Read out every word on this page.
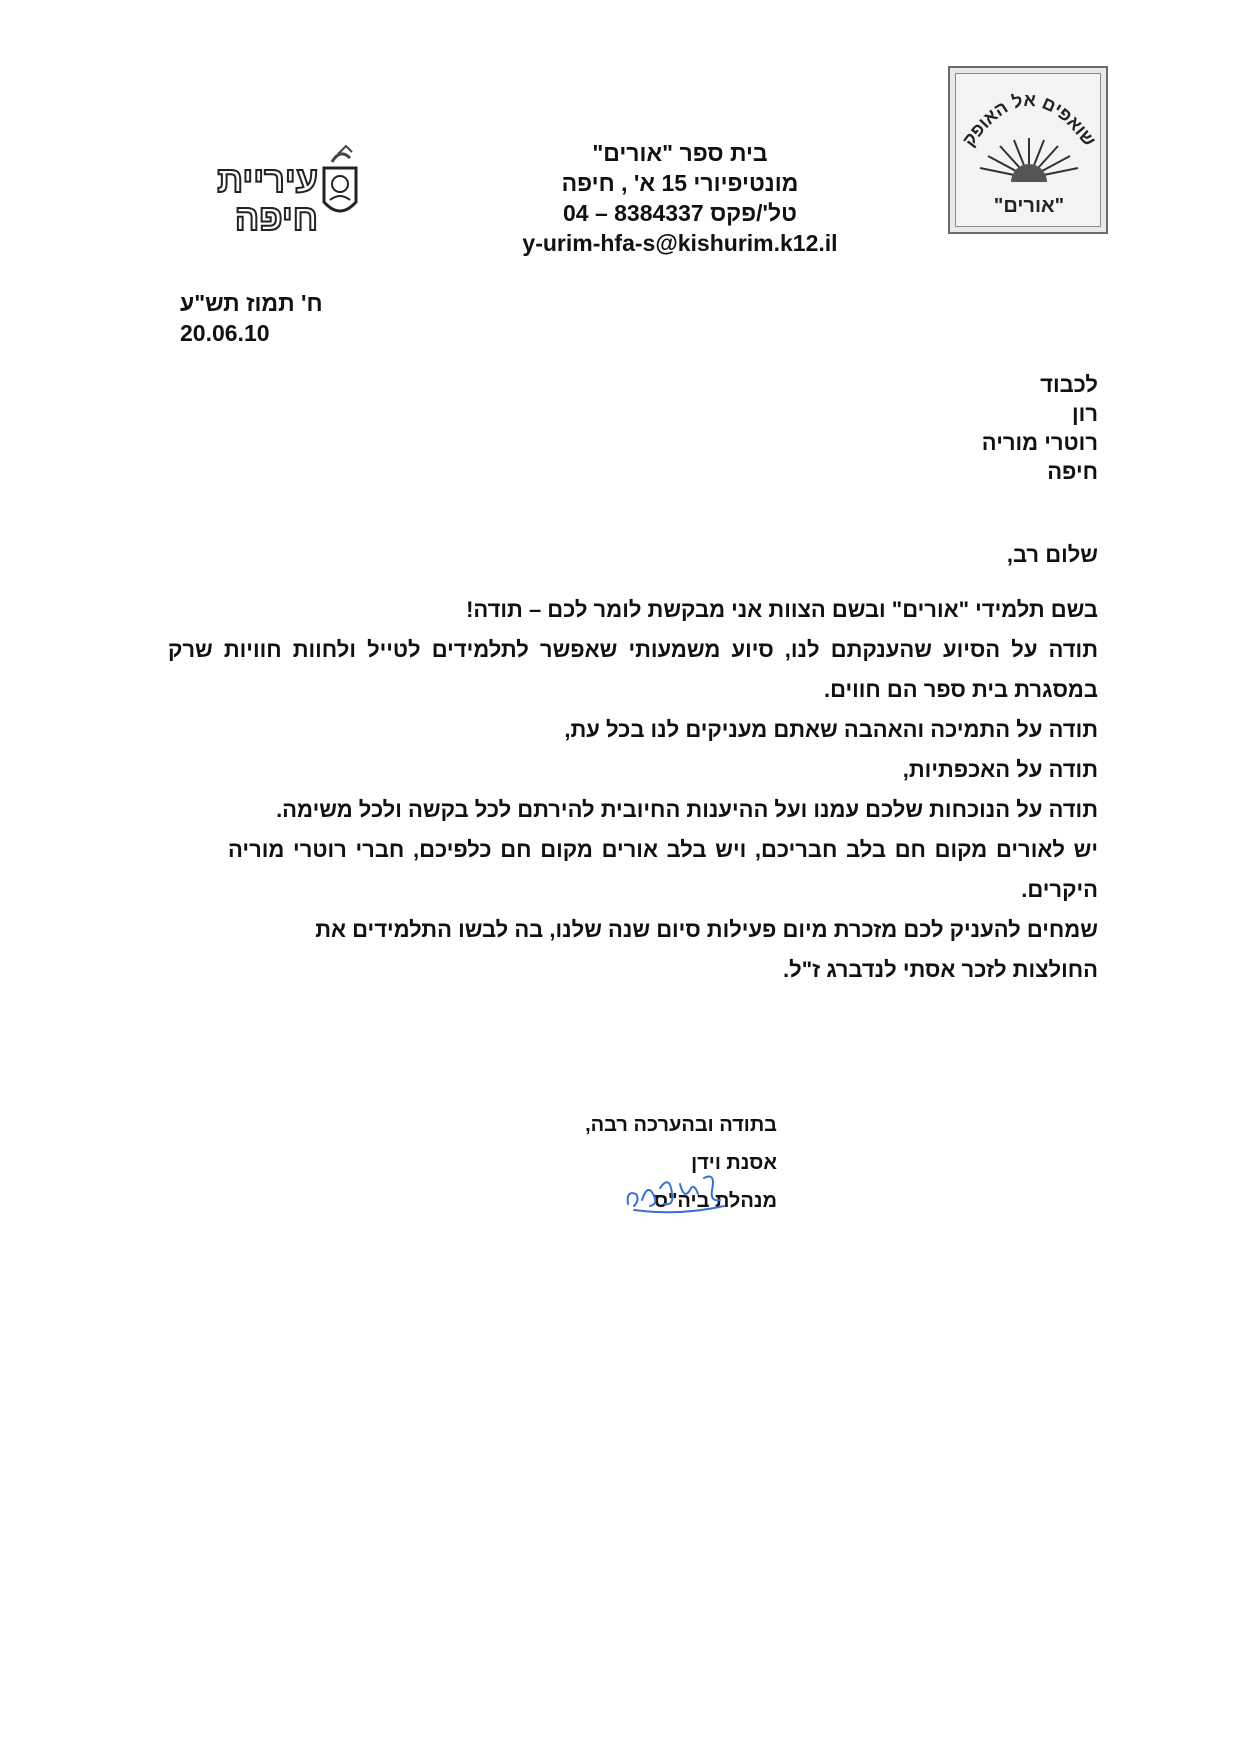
עיריית
חיפה
בית ספר "אורים"
מונטיפיורי 15 א' , חיפה
טל'/פקס 8384337 – 04
y-urim-hfa-s@kishurim.k12.il
שואפים אל האופק
"אורים"
ח' תמוז תש"ע
20.06.10
לכבוד
רון
רוטרי מוריה
חיפה
שלום רב,

בשם תלמידי "אורים" ובשם הצוות אני מבקשת לומר לכם – תודה!

תודה על הסיוע שהענקתם לנו, סיוע משמעותי שאפשר לתלמידים לטייל ולחוות חוויות שרק במסגרת בית ספר הם חווים.

תודה על התמיכה והאהבה שאתם מעניקים לנו בכל עת,

תודה על האכפתיות,

תודה על הנוכחות שלכם עמנו ועל ההיענות החיובית להירתם לכל בקשה ולכל משימה.

יש לאורים מקום חם בלב חבריכם, ויש בלב אורים מקום חם כלפיכם, חברי רוטרי מוריה היקרים.

שמחים להעניק לכם מזכרת מיום פעילות סיום שנה שלנו, בה לבשו התלמידים את החולצות לזכר אסתי לנדברג ז"ל.

בתודה ובהערכה רבה,

אסנת וידן

מנהלת ביה"ס
